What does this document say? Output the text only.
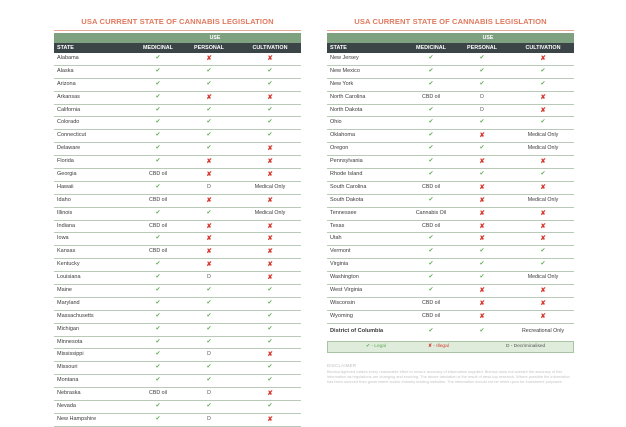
USA CURRENT STATE OF CANNABIS LEGISLATION
USE
STATE	MEDICINAL	PERSONAL	CULTIVATION
Alabama	✔	✘	✘
Alaska	✔	✔	✔
Arizona	✔	✔	✔
Arkansas	✔	✘	✘
California	✔	✔	✔
Colorado	✔	✔	✔
Connecticut	✔	✔	✔
Delaware	✔	✔	✘
Florida	✔	✘	✘
Georgia	CBD oil	✘	✘
Hawaii	✔	D	Medical Only
Idaho	CBD oil	✘	✘
Illinois	✔	✔	Medical Only
Indiana	CBD oil	✘	✘
Iowa	✔	✘	✘
Kansas	CBD oil	✘	✘
Kentucky	✔	✘	✘
Louisiana	✔	D	✘
Maine	✔	✔	✔
Maryland	✔	✔	✔
Massachusetts	✔	✔	✔
Michigan	✔	✔	✔
Minnesota	✔	✔	✔
Mississippi	✔	D	✘
Missouri	✔	✔	✔
Montana	✔	✔	✔
Nebraska	CBD oil	D	✘
Nevada	✔	✔	✔
New Hampshire	✔	D	✘
USA CURRENT STATE OF CANNABIS LEGISLATION
USE
STATE	MEDICINAL	PERSONAL	CULTIVATION
New Jersey	✔	✔	✘
New Mexico	✔	✔	✔
New York	✔	✔	✔
North Carolina	CBD oil	D	✘
North Dakota	✔	D	✘
Ohio	✔	✔	✔
Oklahoma	✔	✘	Medical Only
Oregon	✔	✔	Medical Only
Pennsylvania	✔	✘	✘
Rhode Island	✔	✔	✔
South Carolina	CBD oil	✘	✘
South Dakota	✔	✘	Medical Only
Tennessee	Cannabis Oil	✘	✘
Texas	CBD oil	✘	✘
Utah	✔	✘	✘
Vermont	✔	✔	✔
Virginia	✔	✔	✔
Washington	✔	✔	Medical Only
West Virginia	✔	✘	✘
Wisconsin	CBD oil	✘	✘
Wyoming	CBD oil	✘	✘
District of Columbia	✔	✔	Recreational Only
✔ - Legal	✘ - Illegal	D - Decriminalised
DISCLAIMER
Bionica Agrimed makes every reasonable effort to ensure accuracy of information supplied. Bionica does not warrant the accuracy of this information as regulations are changing and evolving. The above tabulation is the result of desk-top research. Where possible the information has been sourced from government and/or industry leading websites. The information should not be relied upon for investment purposes.
